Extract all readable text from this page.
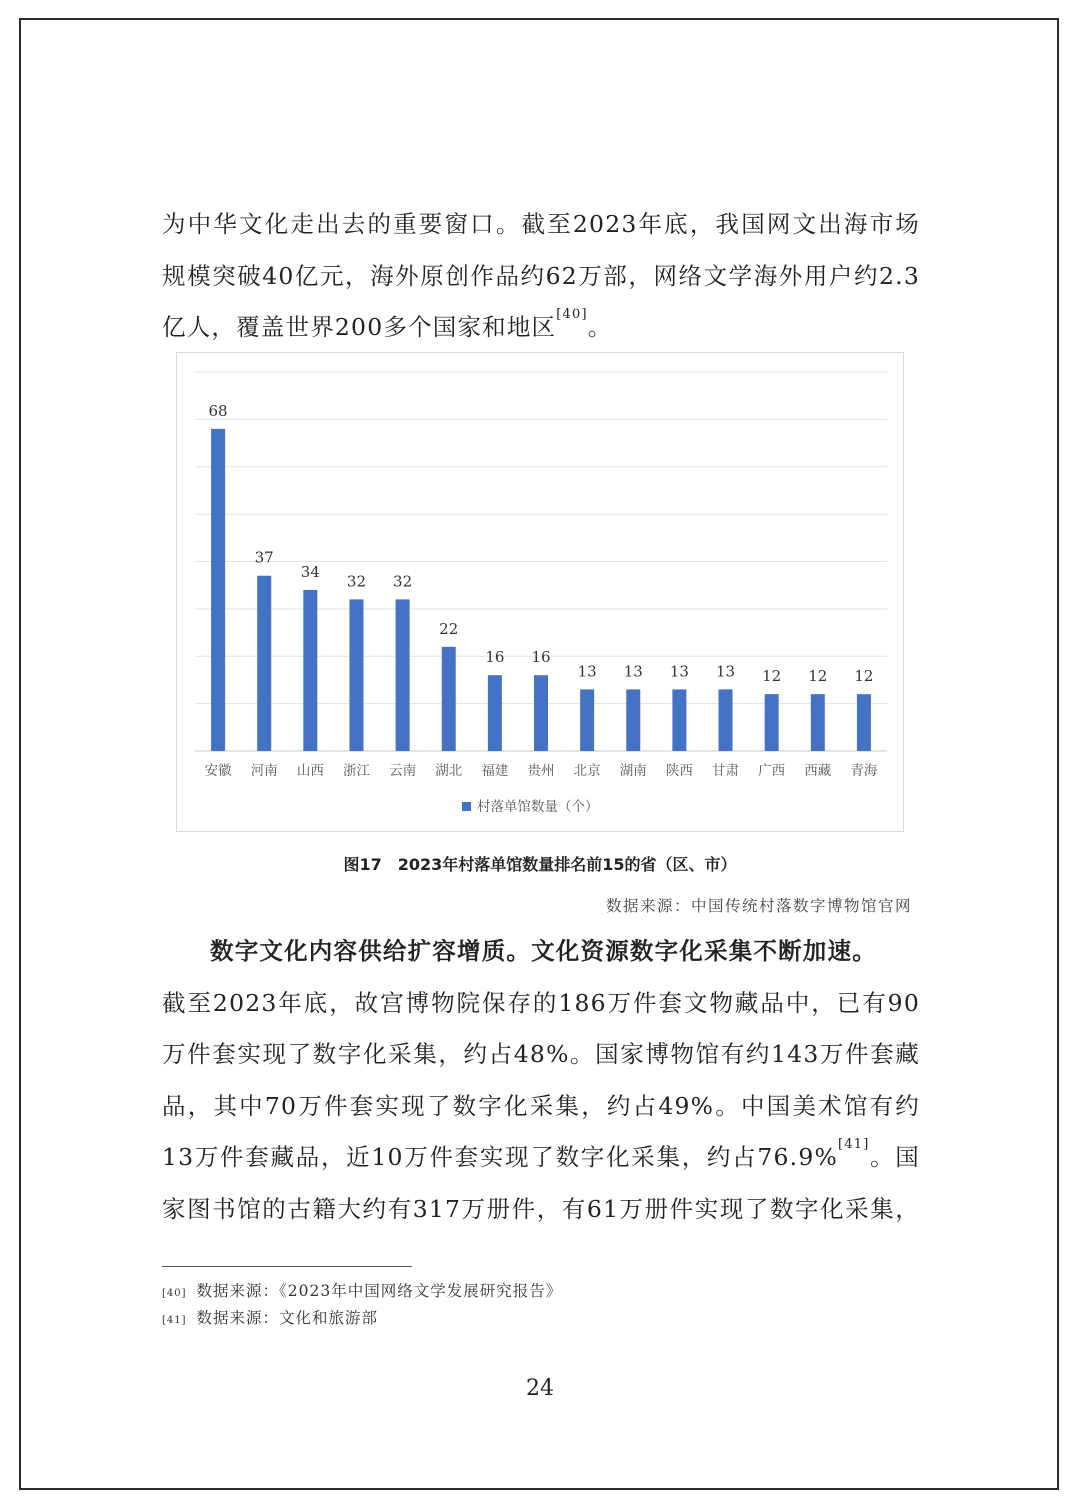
为中华文化走出去的重要窗口。截至2023年底，我国网文出海市场
规模突破40亿元，海外原创作品约62万部，网络文学海外用户约2.3
亿人，覆盖世界200多个国家和地区[40]。

68
安徽
37
河南
34
山西
32
浙江
32
云南
22
湖北
16
福建
16
贵州
13
北京
13
湖南
13
陕西
13
甘肃
12
广西
12
西藏
12
青海
村落单馆数量（个）

图17　2023年村落单馆数量排名前15的省（区、市）

数据来源：中国传统村落数字博物馆官网

数字文化内容供给扩容增质。文化资源数字化采集不断加速。
截至2023年底，故宫博物院保存的186万件套文物藏品中，已有90
万件套实现了数字化采集，约占48%。国家博物馆有约143万件套藏
品，其中70万件套实现了数字化采集，约占49%。中国美术馆有约
13万件套藏品，近10万件套实现了数字化采集，约占76.9%[41]。国
家图书馆的古籍大约有317万册件，有61万册件实现了数字化采集，

[40] 数据来源：《2023年中国网络文学发展研究报告》
[41] 数据来源：文化和旅游部

24
